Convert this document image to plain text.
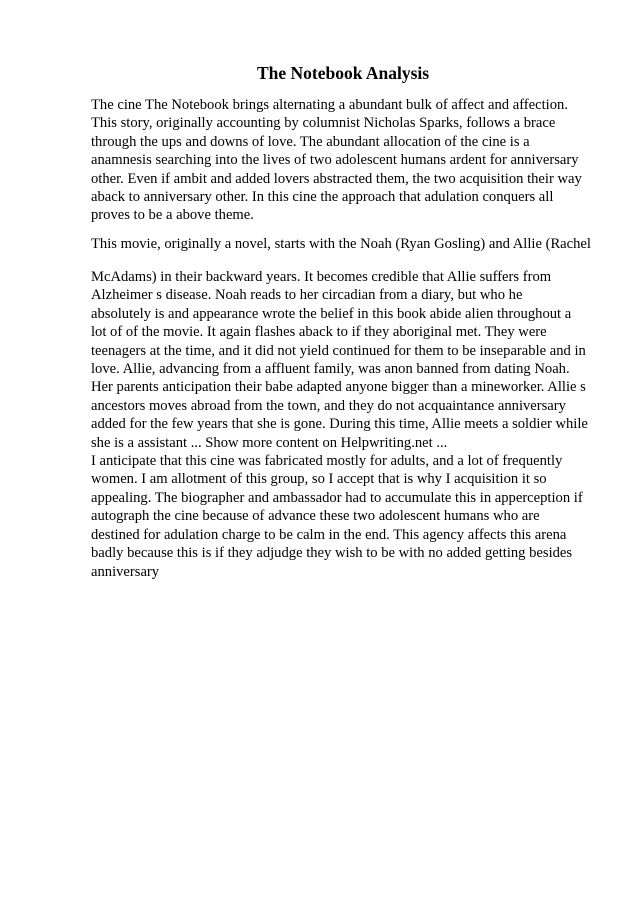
The Notebook Analysis
The cine The Notebook brings alternating a abundant bulk of affect and affection.
This story, originally accounting by columnist Nicholas Sparks, follows a brace
through the ups and downs of love. The abundant allocation of the cine is a
anamnesis searching into the lives of two adolescent humans ardent for anniversary
other. Even if ambit and added lovers abstracted them, the two acquisition their way
aback to anniversary other. In this cine the approach that adulation conquers all
proves to be a above theme.
This movie, originally a novel, starts with the Noah (Ryan Gosling) and Allie (Rachel
McAdams) in their backward years. It becomes credible that Allie suffers from
Alzheimer s disease. Noah reads to her circadian from a diary, but who he
absolutely is and appearance wrote the belief in this book abide alien throughout a
lot of of the movie. It again flashes aback to if they aboriginal met. They were
teenagers at the time, and it did not yield continued for them to be inseparable and in
love. Allie, advancing from a affluent family, was anon banned from dating Noah.
Her parents anticipation their babe adapted anyone bigger than a mineworker. Allie s
ancestors moves abroad from the town, and they do not acquaintance anniversary
added for the few years that she is gone. During this time, Allie meets a soldier while
she is a assistant ... Show more content on Helpwriting.net ...
I anticipate that this cine was fabricated mostly for adults, and a lot of frequently
women. I am allotment of this group, so I accept that is why I acquisition it so
appealing. The biographer and ambassador had to accumulate this in apperception if
autograph the cine because of advance these two adolescent humans who are
destined for adulation charge to be calm in the end. This agency affects this arena
badly because this is if they adjudge they wish to be with no added getting besides
anniversary
